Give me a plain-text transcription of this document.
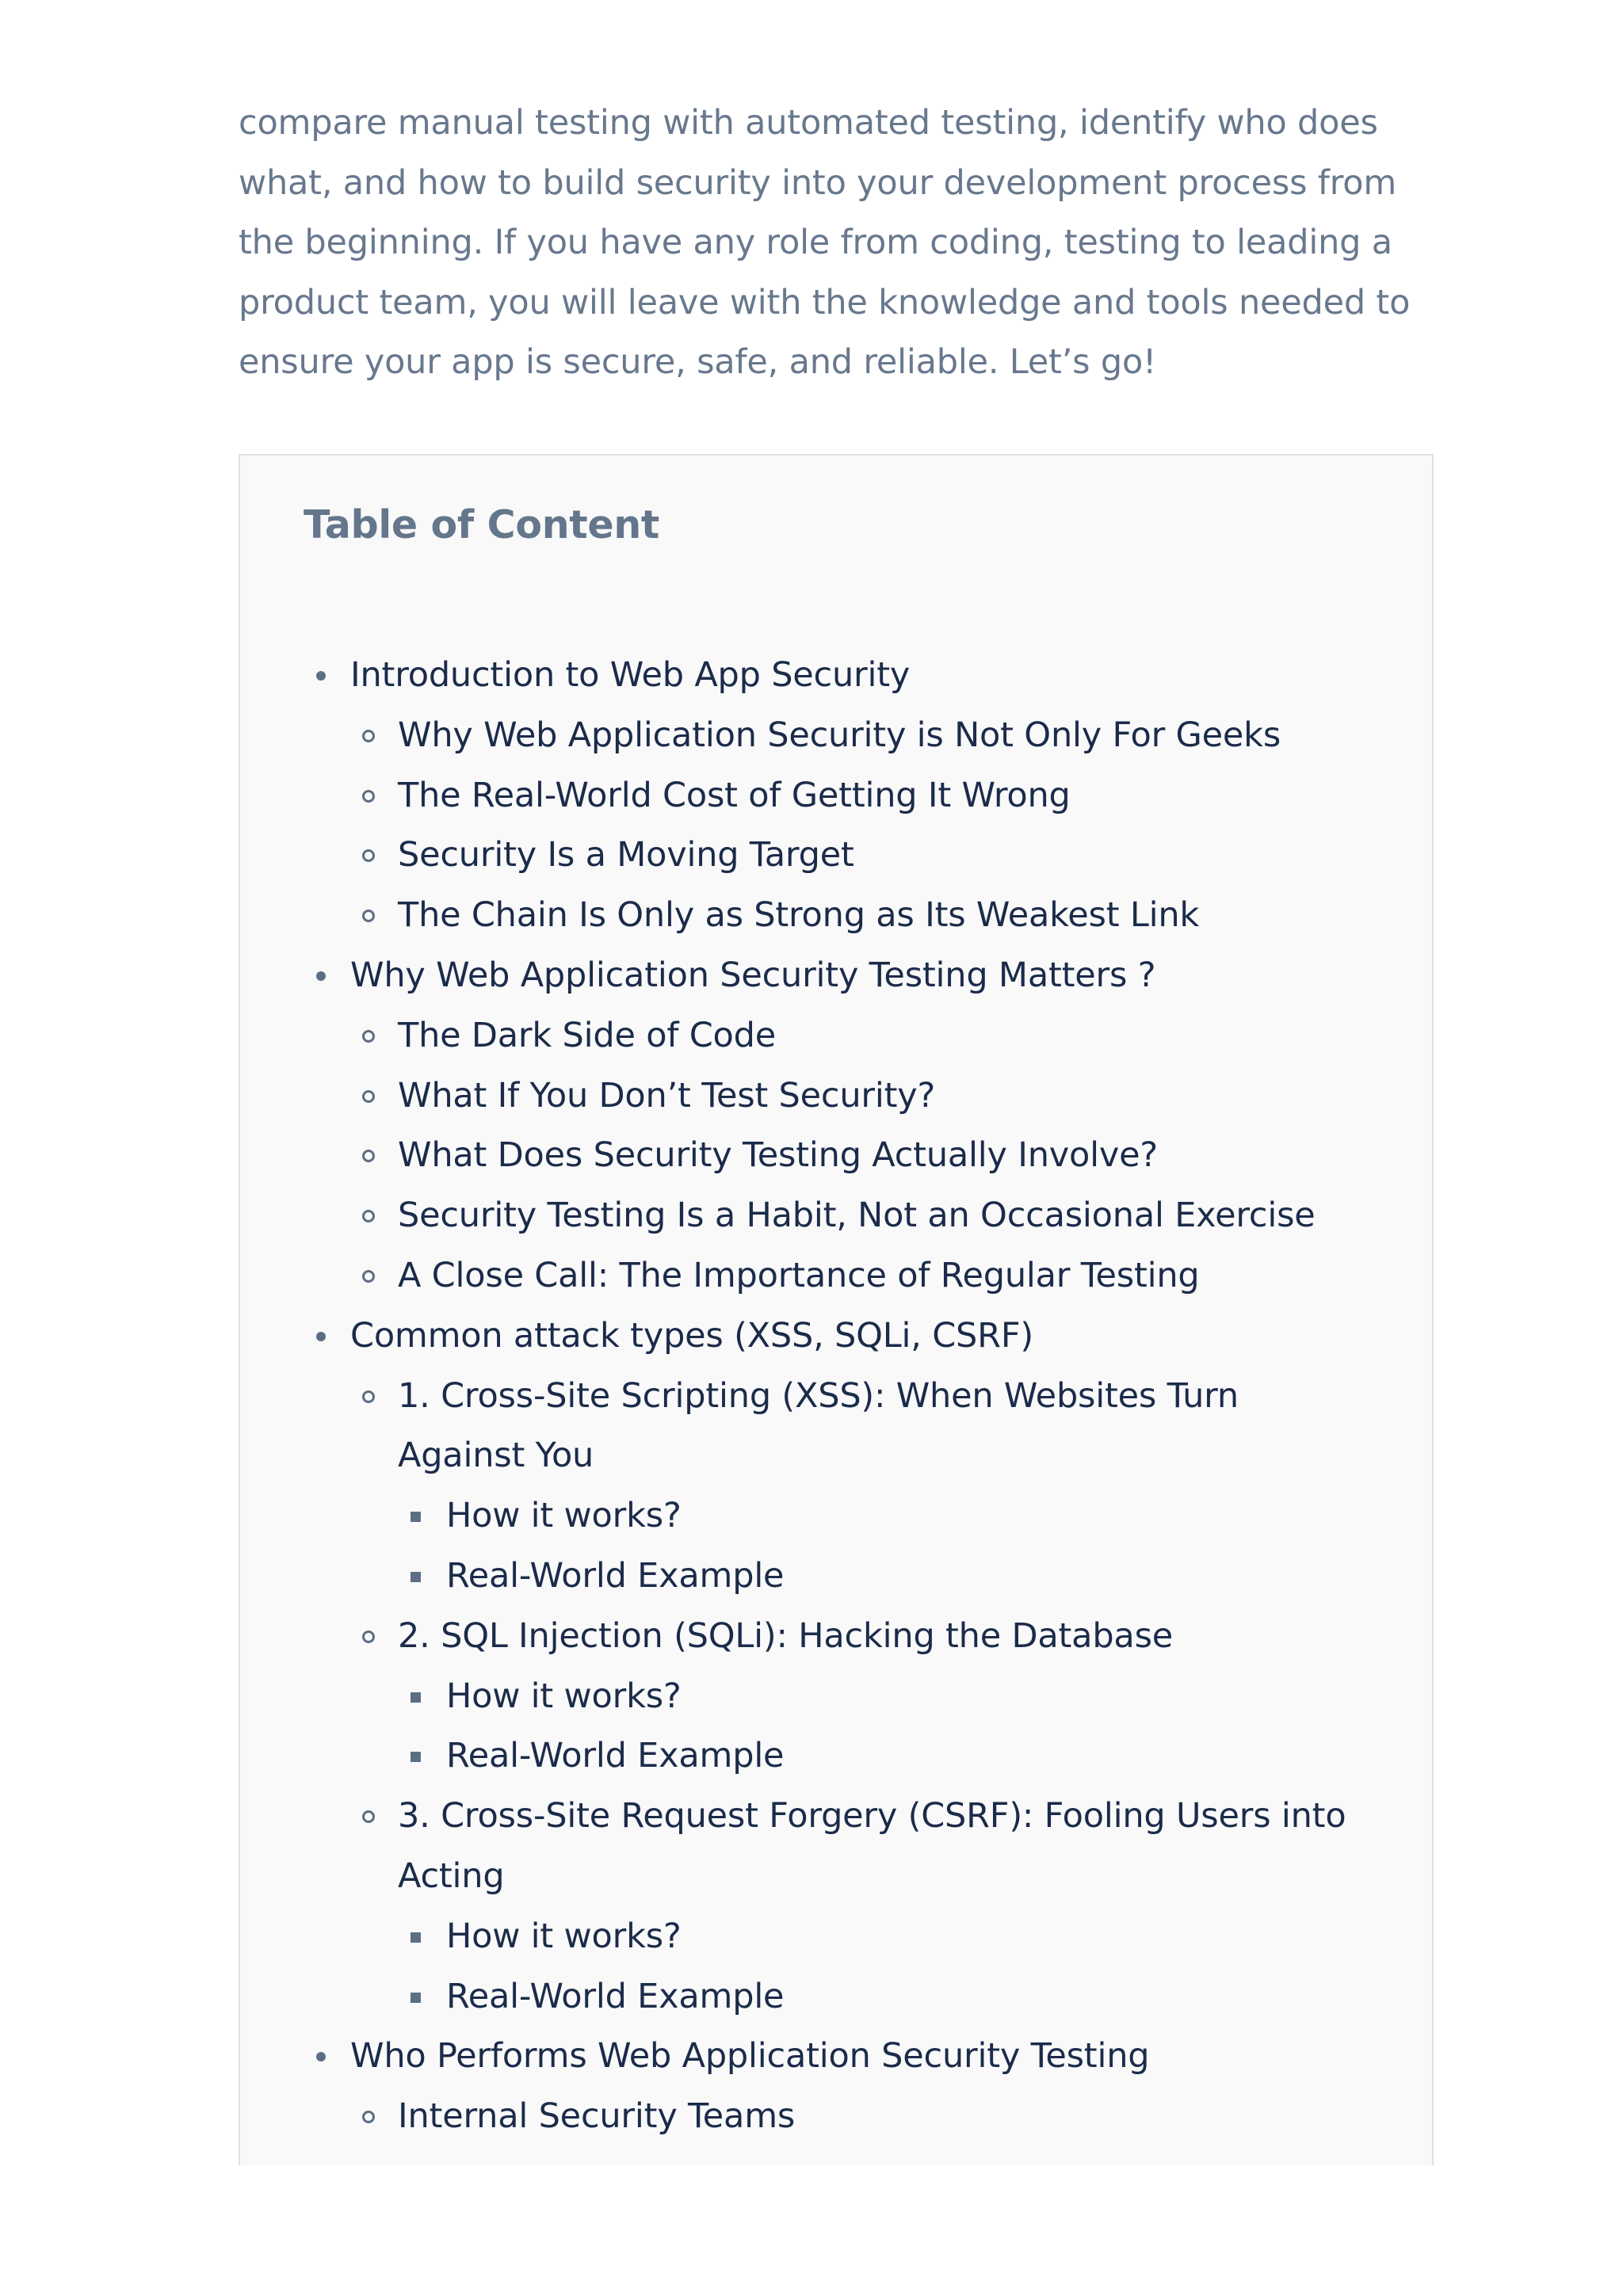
compare manual testing with automated testing, identify who does what, and how to build security into your development process from the beginning. If you have any role from coding, testing to leading a product team, you will leave with the knowledge and tools needed to ensure your app is secure, safe, and reliable. Let’s go!

Table of Content
Introduction to Web App Security
Why Web Application Security is Not Only For Geeks
The Real-World Cost of Getting It Wrong
Security Is a Moving Target
The Chain Is Only as Strong as Its Weakest Link
Why Web Application Security Testing Matters ?
The Dark Side of Code
What If You Don’t Test Security?
What Does Security Testing Actually Involve?
Security Testing Is a Habit, Not an Occasional Exercise
A Close Call: The Importance of Regular Testing
Common attack types (XSS, SQLi, CSRF)
1. Cross-Site Scripting (XSS): When Websites Turn Against You
How it works?
Real-World Example
2. SQL Injection (SQLi): Hacking the Database
How it works?
Real-World Example
3. Cross-Site Request Forgery (CSRF): Fooling Users into Acting
How it works?
Real-World Example
Who Performs Web Application Security Testing
Internal Security Teams
